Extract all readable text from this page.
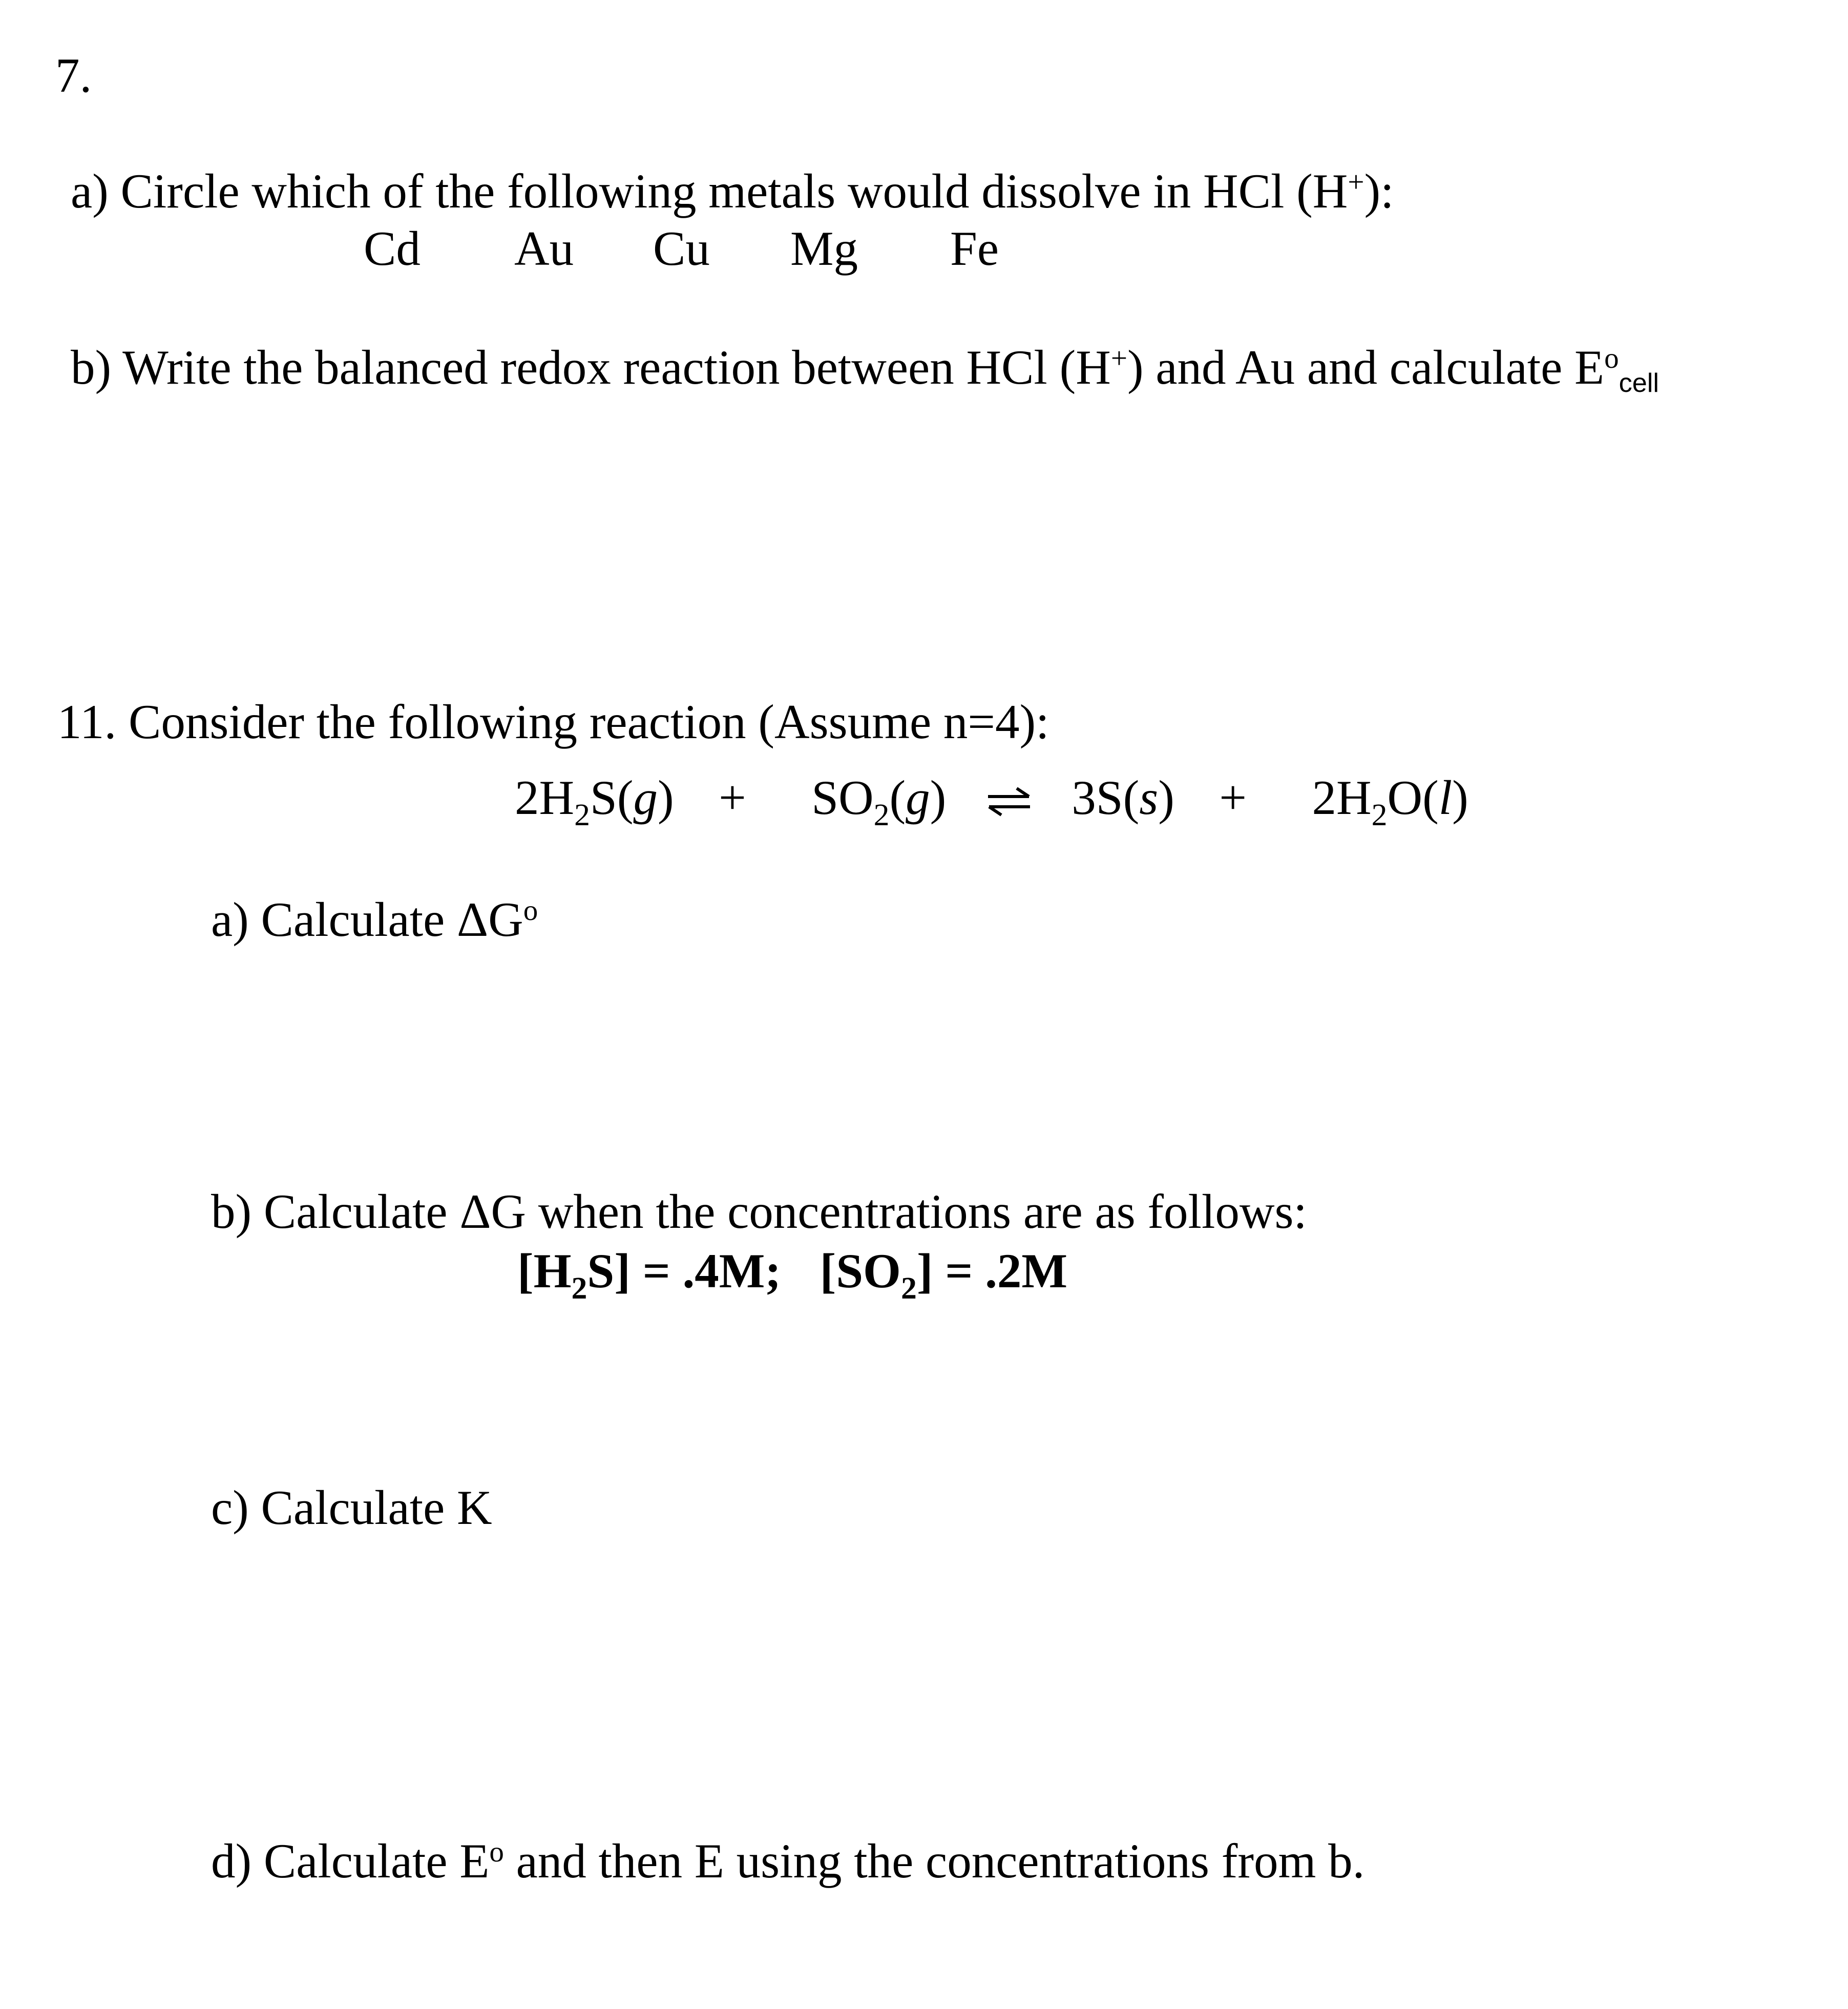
7.
a) Circle which of the following metals would dissolve in HCl (H+):
Cd Au Cu Mg Fe
b) Write the balanced redox reaction between HCl (H+) and Au and calculate $E^ocell$
11. Consider the following reaction (Assume n=4):
$2H_2S(g) + SO_2(g)$ ⇌ $3S(s) + 2H_2O(l)$
a) Calculate $\Delta G^o$
b) Calculate ΔG when the concentrations are as follows:
$[H_2S] = .4M$; $[SO_2] = .2M$
c) Calculate K
d) Calculate $E^o$ and then E using the concentrations from b.
